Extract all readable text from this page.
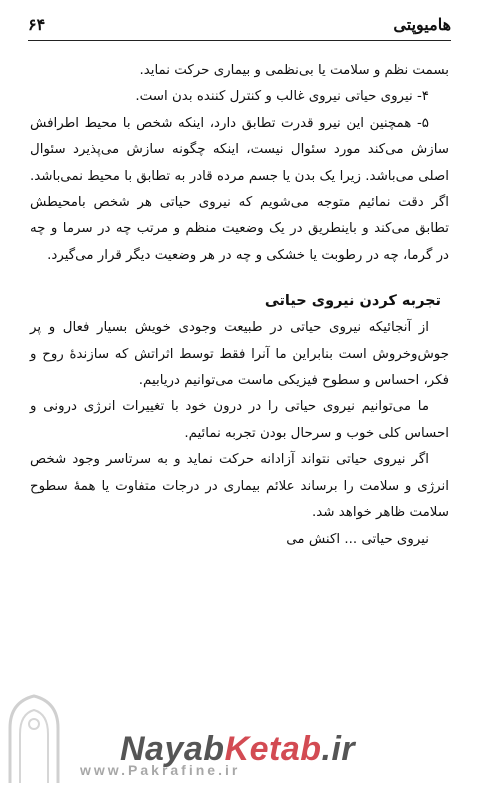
هامیوپتی
۶۴

بسمت نظم و سلامت یا بی‌نظمی و بیماری حرکت نماید.

۴- نیروی حیاتی نیروی غالب و کنترل کننده بدن است.

۵- همچنین این نیرو قدرت تطابق دارد، اینکه شخص با محیط اطرافش سازش می‌کند مورد سئوال نیست، اینکه چگونه سازش می‌پذیرد سئوال اصلی می‌باشد. زیرا یک بدن یا جسم مرده قادر به تطابق با محیط نمی‌باشد. اگر دقت نمائیم متوجه می‌شویم که نیروی حیاتی هر شخص بامحیطش تطابق می‌کند و باینطریق در یک وضعیت منظم و مرتب چه در سرما و چه در گرما، چه در رطوبت یا خشکی و چه در هر وضعیت دیگر قرار می‌گیرد.

تجربه کردن نیروی حیاتی

از آنجائیکه نیروی حیاتی در طبیعت وجودی خویش بسیار فعال و پر جوش‌وخروش است بنابراین ما آنرا فقط توسط اثراتش که سازندهٔ روح و فکر، احساس و سطوح فیزیکی ماست می‌توانیم دریابیم.

ما می‌توانیم نیروی حیاتی را در درون خود با تغییرات انرژی درونی و احساس کلی خوب و سرحال بودن تجربه نمائیم.

اگر نیروی حیاتی نتواند آزادانه حرکت نماید و به سرتاسر وجود شخص انرژی و سلامت را برساند علائم بیماری در درجات متفاوت یا همهٔ سطوح سلامت ظاهر خواهد شد.

نیروی حیاتی ... اکنش می‌

NayabKetab.ir
www.Pakrafine.ir
